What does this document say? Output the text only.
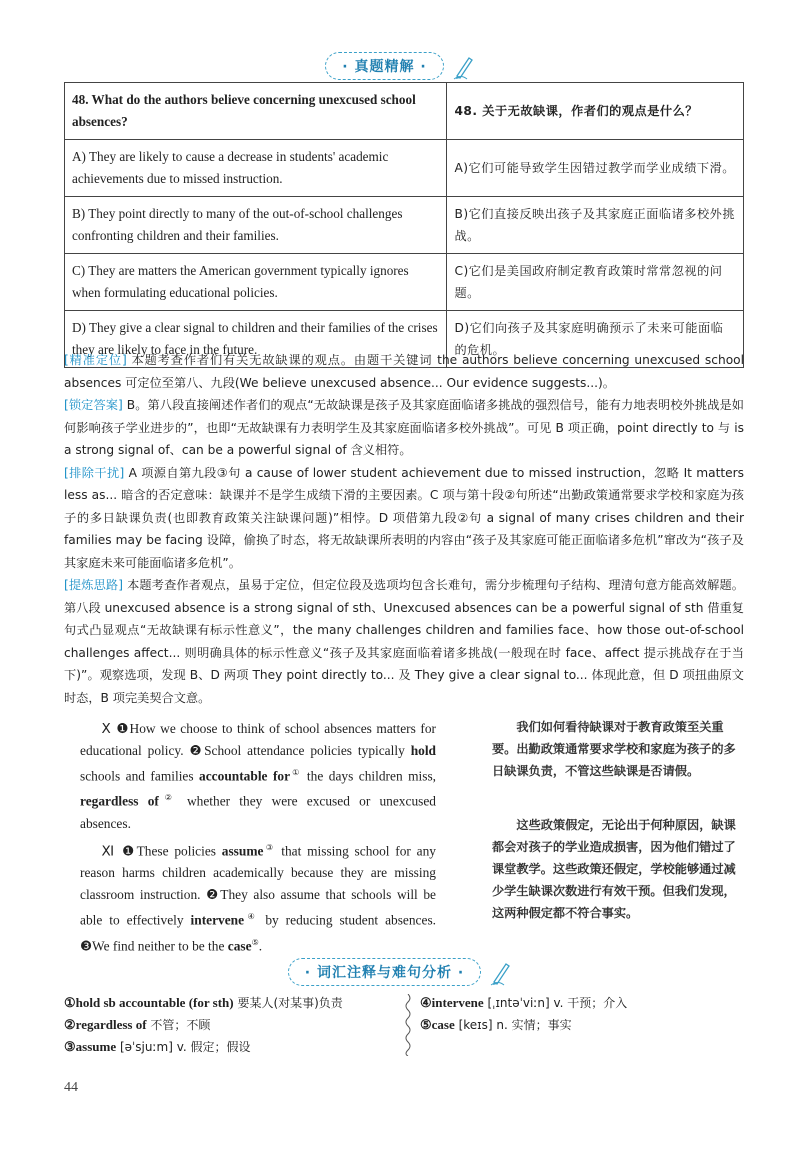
· 真题精解 ·
48. What do the authors believe concerning unexcused school absences?	48. 关于无故缺课，作者们的观点是什么？
A) They are likely to cause a decrease in students' academic achievements due to missed instruction.	A)它们可能导致学生因错过教学而学业成绩下滑。
B) They point directly to many of the out-of-school challenges confronting children and their families.	B)它们直接反映出孩子及其家庭正面临诸多校外挑战。
C) They are matters the American government typically ignores when formulating educational policies.	C)它们是美国政府制定教育政策时常常忽视的问题。
D) They give a clear signal to children and their families of the crises they are likely to face in the future.	D)它们向孩子及其家庭明确预示了未来可能面临的危机。

[精准定位] 本题考查作者们有关无故缺课的观点。由题干关键词 the authors believe concerning unexcused school absences 可定位至第八、九段(We believe unexcused absence... Our evidence suggests...)。

[锁定答案] B。第八段直接阐述作者们的观点“无故缺课是孩子及其家庭面临诸多挑战的强烈信号，能有力地表明校外挑战是如何影响孩子学业进步的”，也即“无故缺课有力表明学生及其家庭面临诸多校外挑战”。可见 B 项正确，point directly to 与 is a strong signal of、can be a powerful signal of 含义相符。

[排除干扰] A 项源自第九段③句 a cause of lower student achievement due to missed instruction，忽略 It matters less as... 暗含的否定意味：缺课并不是学生成绩下滑的主要因素。C 项与第十段②句所述“出勤政策通常要求学校和家庭为孩子的多日缺课负责(也即教育政策关注缺课问题)”相悖。D 项借第九段②句 a signal of many crises children and their families may be facing 设障，偷换了时态，将无故缺课所表明的内容由“孩子及其家庭可能正面临诸多危机”窜改为“孩子及其家庭未来可能面临诸多危机”。

[提炼思路] 本题考查作者观点，虽易于定位，但定位段及选项均包含长难句，需分步梳理句子结构、理清句意方能高效解题。第八段 unexcused absence is a strong signal of sth、Unexcused absences can be a powerful signal of sth 借重复句式凸显观点“无故缺课有标示性意义”，the many challenges children and families face、how those out-of-school challenges affect... 则明确具体的标示性意义“孩子及其家庭面临着诸多挑战(一般现在时 face、affect 提示挑战存在于当下)”。观察选项，发现 B、D 两项 They point directly to... 及 They give a clear signal to... 体现此意，但 D 项扭曲原文时态，B 项完美契合文意。

Ⅹ ❶How we choose to think of school absences matters for educational policy. ❷School attendance policies typically hold schools and families accountable for① the days children miss, regardless of② whether they were excused or unexcused absences.

Ⅺ ❶These policies assume③ that missing school for any reason harms children academically because they are missing classroom instruction. ❷They also assume that schools will be able to effectively intervene④ by reducing student absences. ❸We find neither to be the case⑤.

我们如何看待缺课对于教育政策至关重要。出勤政策通常要求学校和家庭为孩子的多日缺课负责，不管这些缺课是否请假。

这些政策假定，无论出于何种原因，缺课都会对孩子的学业造成损害，因为他们错过了课堂教学。这些政策还假定，学校能够通过减少学生缺课次数进行有效干预。但我们发现，这两种假定都不符合事实。

· 词汇注释与难句分析 ·
①hold sb accountable (for sth) 要某人(对某事)负责
②regardless of 不管；不顾
③assume [əˈsjuːm] v. 假定；假设
④intervene [ˌɪntəˈviːn] v. 干预；介入
⑤case [keɪs] n. 实情；事实
44
